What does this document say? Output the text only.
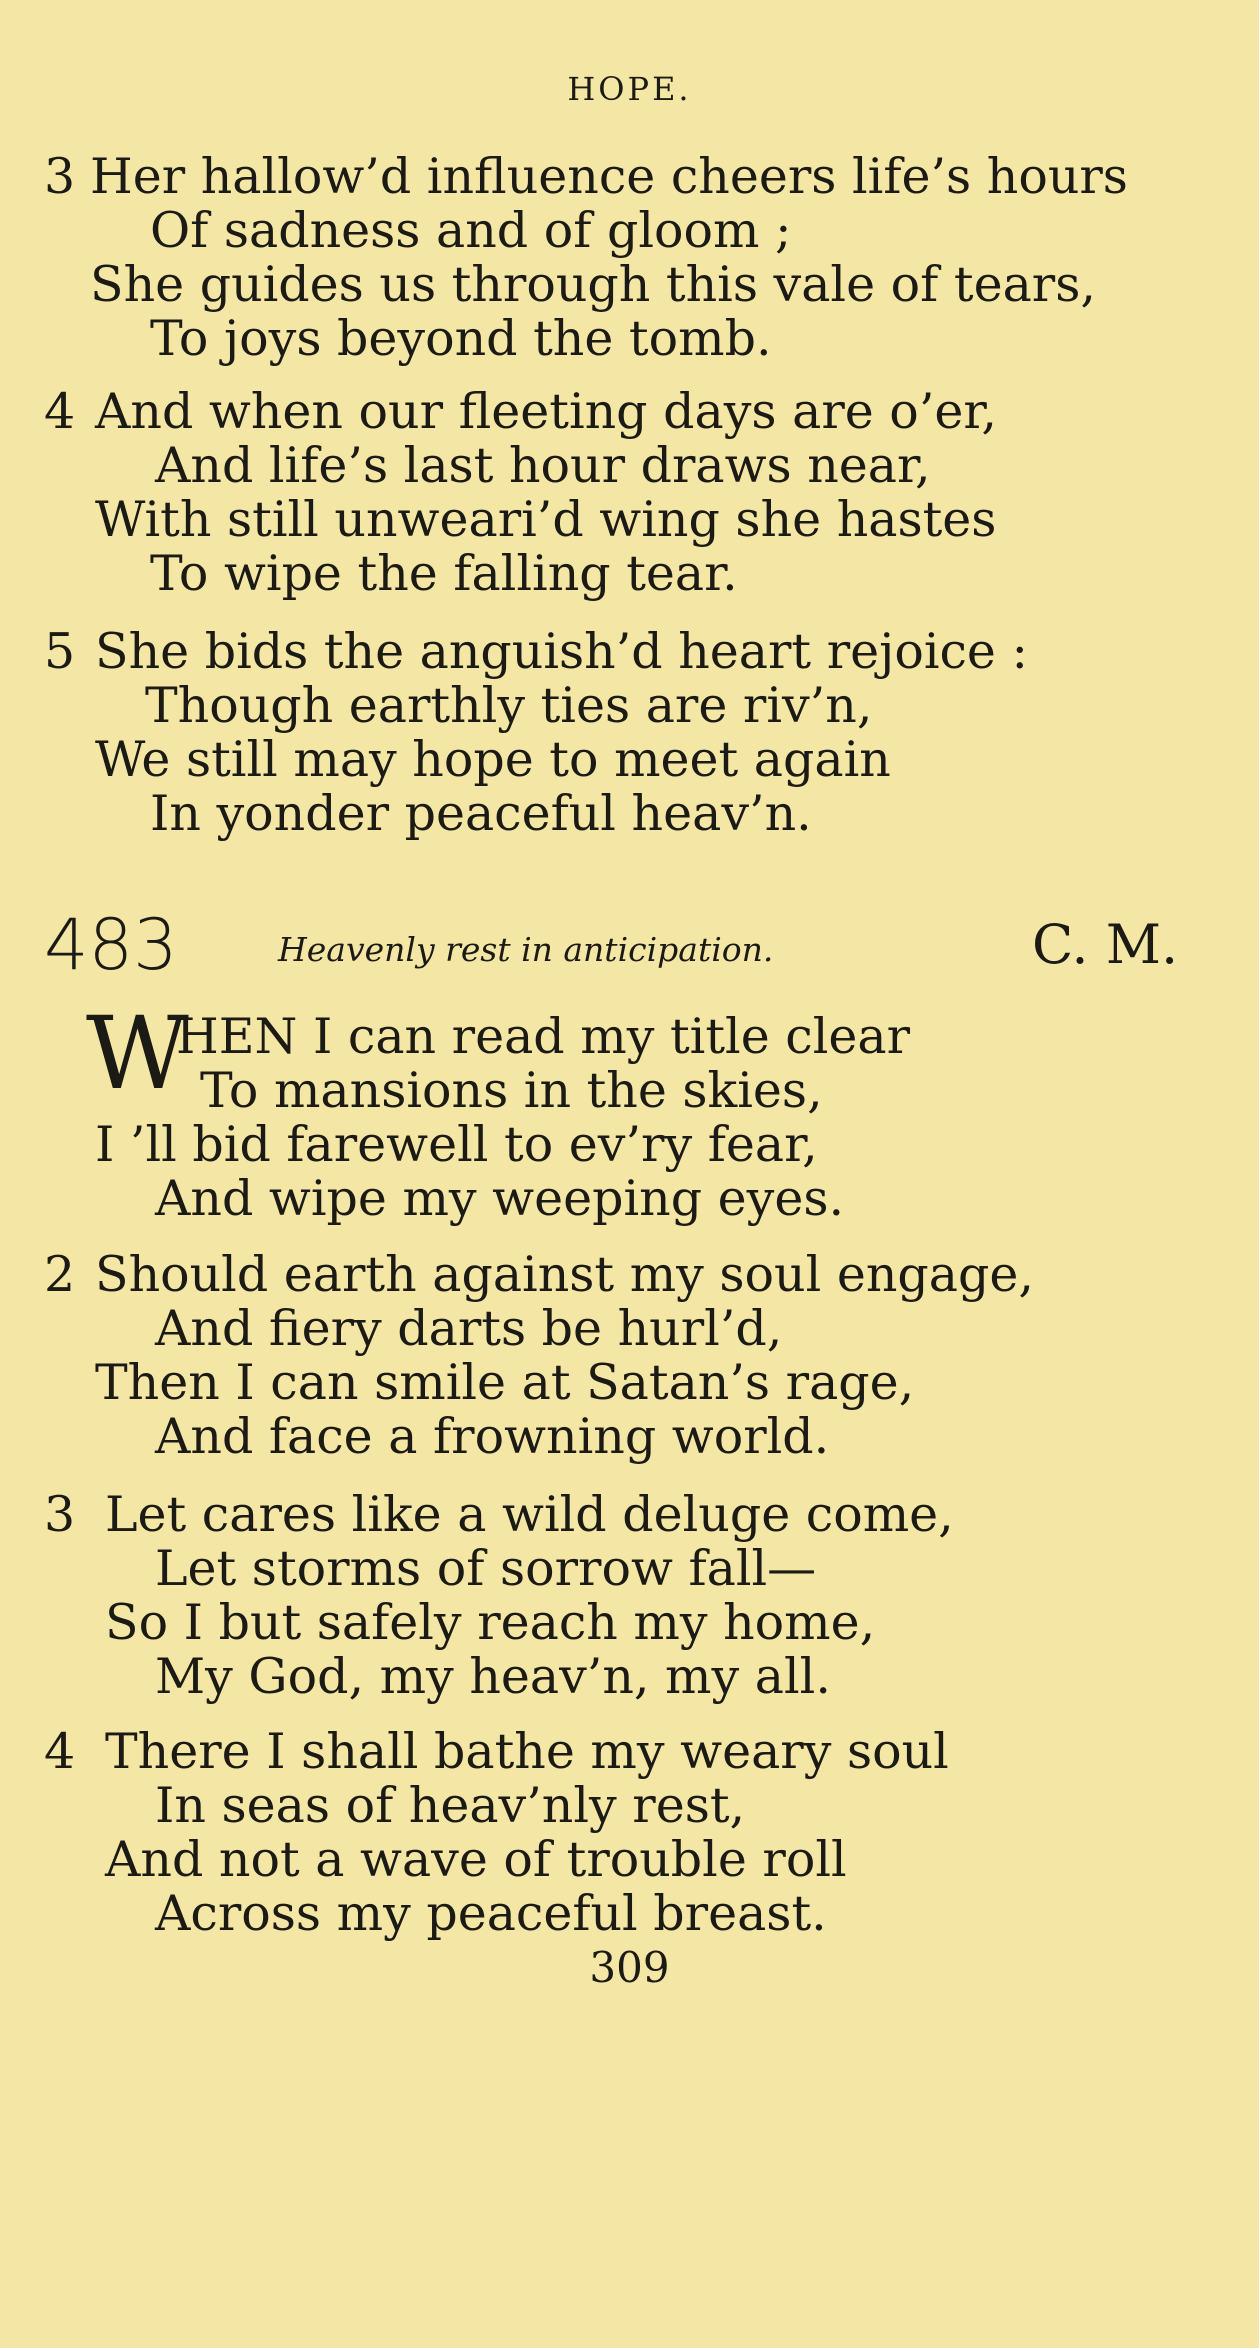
HOPE.
3 Her hallow’d influence cheers life’s hours
Of sadness and of gloom ;
She guides us through this vale of tears,
To joys beyond the tomb.
4 And when our fleeting days are o’er,
And life’s last hour draws near,
With still unweari’d wing she hastes
To wipe the falling tear.
5 She bids the anguish’d heart rejoice :
Though earthly ties are riv’n,
We still may hope to meet again
In yonder peaceful heav’n.
483	Heavenly rest in anticipation.	C. M.
W
HEN I can read my title clear
To mansions in the skies,
I ’ll bid farewell to ev’ry fear,
And wipe my weeping eyes.
2 Should earth against my soul engage,
And fiery darts be hurl’d,
Then I can smile at Satan’s rage,
And face a frowning world.
3 Let cares like a wild deluge come,
Let storms of sorrow fall—
So I but safely reach my home,
My God, my heav’n, my all.
4 There I shall bathe my weary soul
In seas of heav’nly rest,
And not a wave of trouble roll
Across my peaceful breast.
309
